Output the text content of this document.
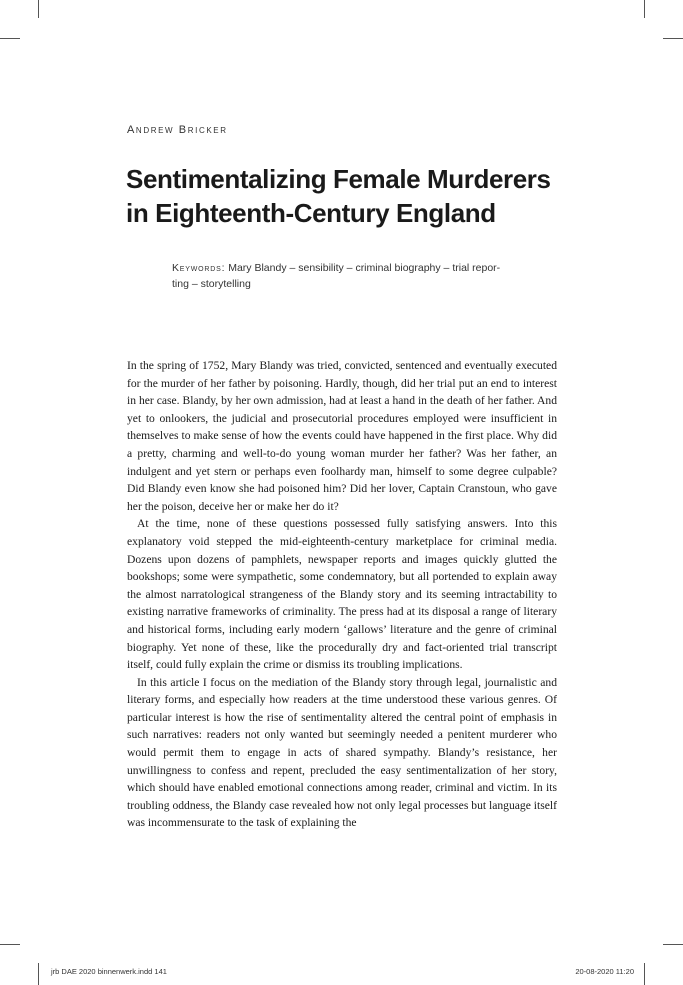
Andrew Bricker

Sentimentalizing Female Murderers
in Eighteenth-Century England
Keywords: Mary Blandy – sensibility – criminal biography – trial repor-
ting – storytelling

In the spring of 1752, Mary Blandy was tried, convicted, sentenced and eventually executed for the murder of her father by poisoning. Hardly, though, did her trial put an end to interest in her case. Blandy, by her own admission, had at least a hand in the death of her father. And yet to onlookers, the judicial and prosecutorial procedures employed were insufficient in themselves to make sense of how the events could have happened in the first place. Why did a pretty, charming and well-to-do young woman murder her father? Was her father, an indulgent and yet stern or perhaps even foolhardy man, himself to some degree culpable? Did Blandy even know she had poisoned him? Did her lover, Captain Cranstoun, who gave her the poison, deceive her or make her do it?

At the time, none of these questions possessed fully satisfying answers. Into this explanatory void stepped the mid-eighteenth-century marketplace for criminal media. Dozens upon dozens of pamphlets, newspaper reports and images quickly glutted the bookshops; some were sympathetic, some condemnatory, but all portended to explain away the almost narratological strangeness of the Blandy story and its seeming intractability to existing narrative frameworks of criminality. The press had at its disposal a range of literary and historical forms, including early modern ‘gallows’ literature and the genre of criminal biography. Yet none of these, like the procedurally dry and fact-oriented trial transcript itself, could fully explain the crime or dismiss its troubling implications.

In this article I focus on the mediation of the Blandy story through legal, journalistic and literary forms, and especially how readers at the time understood these various genres. Of particular interest is how the rise of sentimentality altered the central point of emphasis in such narratives: readers not only wanted but seemingly needed a penitent murderer who would permit them to engage in acts of shared sympathy. Blandy’s resistance, her unwillingness to confess and repent, precluded the easy sentimentalization of her story, which should have enabled emotional connections among reader, criminal and victim. In its troubling oddness, the Blandy case revealed how not only legal processes but language itself was incommensurate to the task of explaining the

jrb DAE 2020 binnenwerk.indd 141	20-08-2020 11:20
